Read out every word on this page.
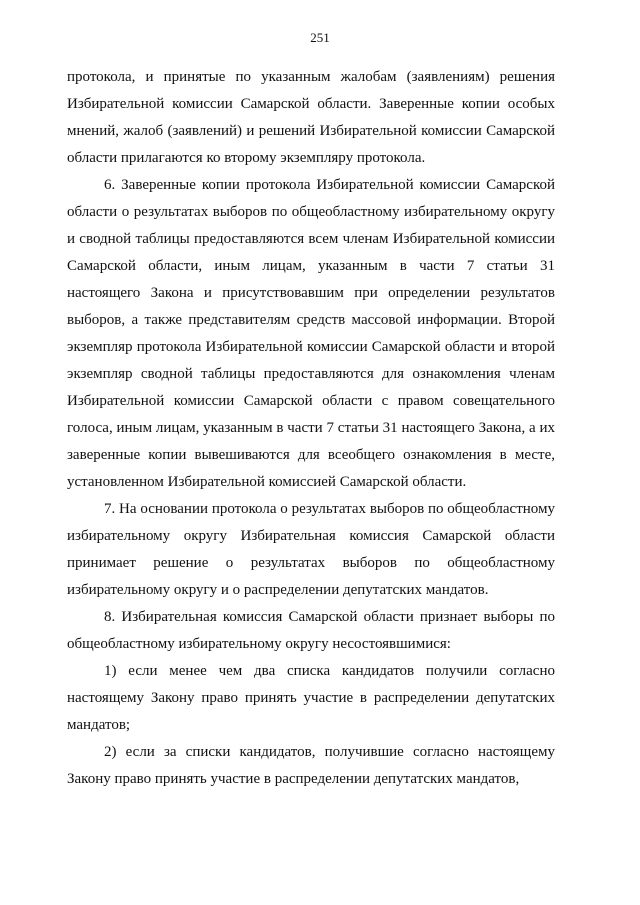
251

протокола, и принятые по указанным жалобам (заявлениям) решения Избирательной комиссии Самарской области. Заверенные копии особых мнений, жалоб (заявлений) и решений Избирательной комиссии Самарской области прилагаются ко второму экземпляру протокола.

6. Заверенные копии протокола Избирательной комиссии Самарской области о результатах выборов по общеобластному избирательному округу и сводной таблицы предоставляются всем членам Избирательной комиссии Самарской области, иным лицам, указанным в части 7 статьи 31 настоящего Закона и присутствовавшим при определении результатов выборов, а также представителям средств массовой информации. Второй экземпляр протокола Избирательной комиссии Самарской области и второй экземпляр сводной таблицы предоставляются для ознакомления членам Избирательной комиссии Самарской области с правом совещательного голоса, иным лицам, указанным в части 7 статьи 31 настоящего Закона, а их заверенные копии вывешиваются для всеобщего ознакомления в месте, установленном Избирательной комиссией Самарской области.

7. На основании протокола о результатах выборов по общеобластному избирательному округу Избирательная комиссия Самарской области принимает решение о результатах выборов по общеобластному избирательному округу и о распределении депутатских мандатов.

8. Избирательная комиссия Самарской области признает выборы по общеобластному избирательному округу несостоявшимися:

1) если менее чем два списка кандидатов получили согласно настоящему Закону право принять участие в распределении депутатских мандатов;

2) если за списки кандидатов, получившие согласно настоящему Закону право принять участие в распределении депутатских мандатов,
